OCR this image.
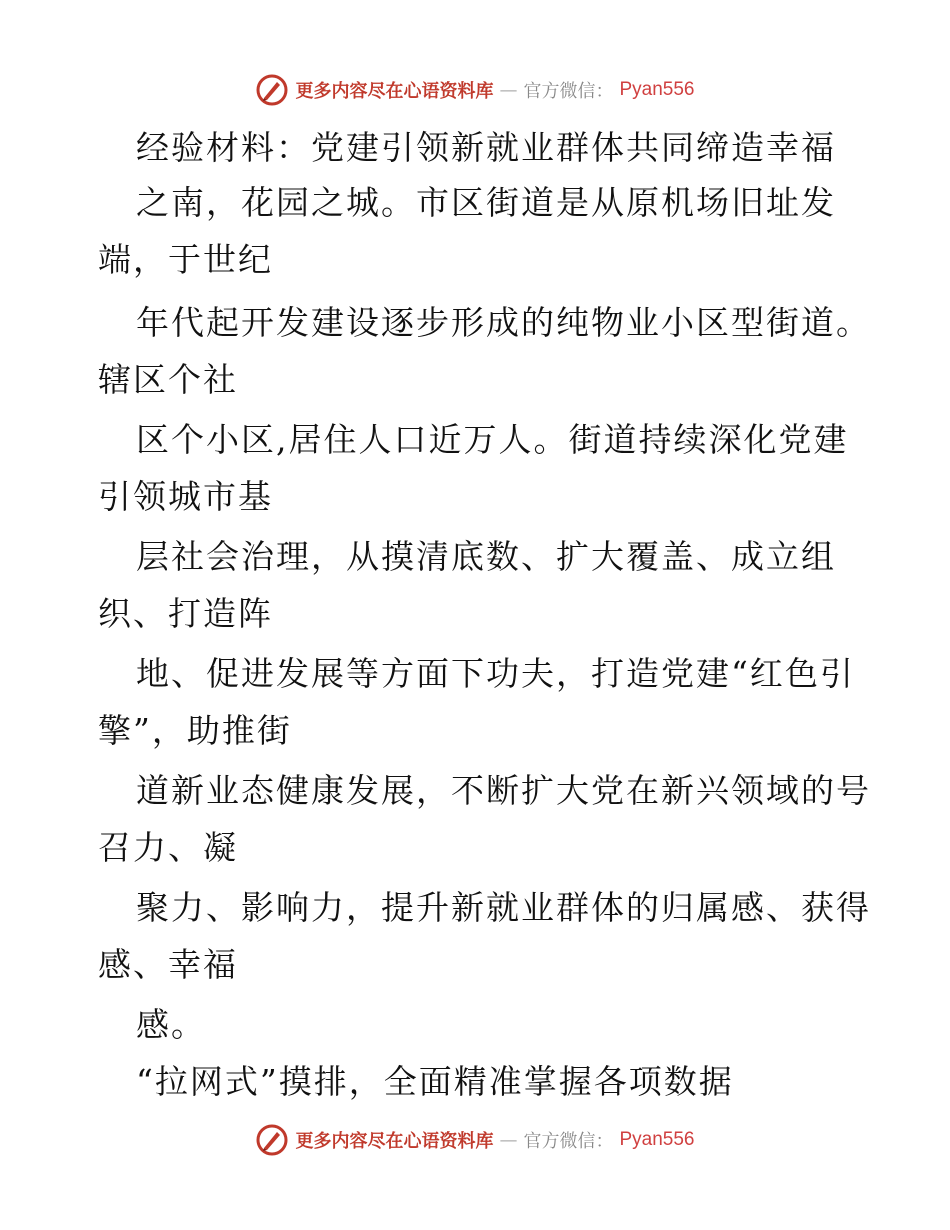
更多内容尽在心语资料库 — 官方微信： Pyan556
经验材料：党建引领新就业群体共同缔造幸福
之南，花园之城。市区街道是从原机场旧址发
端，于世纪
年代起开发建设逐步形成的纯物业小区型街道。
辖区个社
区个小区,居住人口近万人。街道持续深化党建
引领城市基
层社会治理，从摸清底数、扩大覆盖、成立组
织、打造阵
地、促进发展等方面下功夫，打造党建“红色引
擎”，助推街
道新业态健康发展，不断扩大党在新兴领域的号
召力、凝
聚力、影响力，提升新就业群体的归属感、获得
感、幸福
感。
“拉网式”摸排，全面精准掌握各项数据
更多内容尽在心语资料库 — 官方微信： Pyan556
